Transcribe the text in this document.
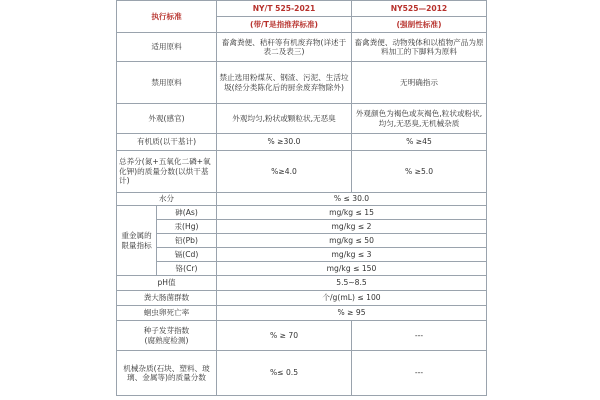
执行标准		NY/T 525-2021	NY525—2012
		(带/T是指推荐标准)	(强制性标准)
适用原料		畜禽粪便、秸秆等有机废弃物(详述于表二及表三)	畜禽粪便、动物残体和以植物产品为原料加工的下脚料为原料
禁用原料		禁止选用粉煤灰、钢渣、污泥、生活垃圾(经分类陈化后的厨余废弃物除外)	无明确指示
外观(感官)		外观均匀,粉状或颗粒状,无恶臭	外观颜色为褐色或灰褐色,粒状或粉状,均匀,无恶臭,无机械杂质
有机质(以干基计)		% ≥30.0	% ≥45
总养分(氮+五氧化二磷+氧化钾)的质量分数(以烘干基计)		%≥4.0	% ≥5.0
水分		% ≤ 30.0	
重金属的限量指标	砷(As)	mg/kg ≤ 15	
	汞(Hg)	mg/kg ≤ 2	
	铅(Pb)	mg/kg ≤ 50	
	镉(Cd)	mg/kg ≤ 3	
	铬(Cr)	mg/kg ≤ 150	
pH值		5.5~8.5	
粪大肠菌群数		个/g(mL) ≤ 100	
蛔虫卵死亡率		% ≥ 95	

种子发芽指数
(腐熟度检测)		% ≥ 70	---
机械杂质(石块、塑料、玻璃、金属等)的质量分数		%≤ 0.5	---
